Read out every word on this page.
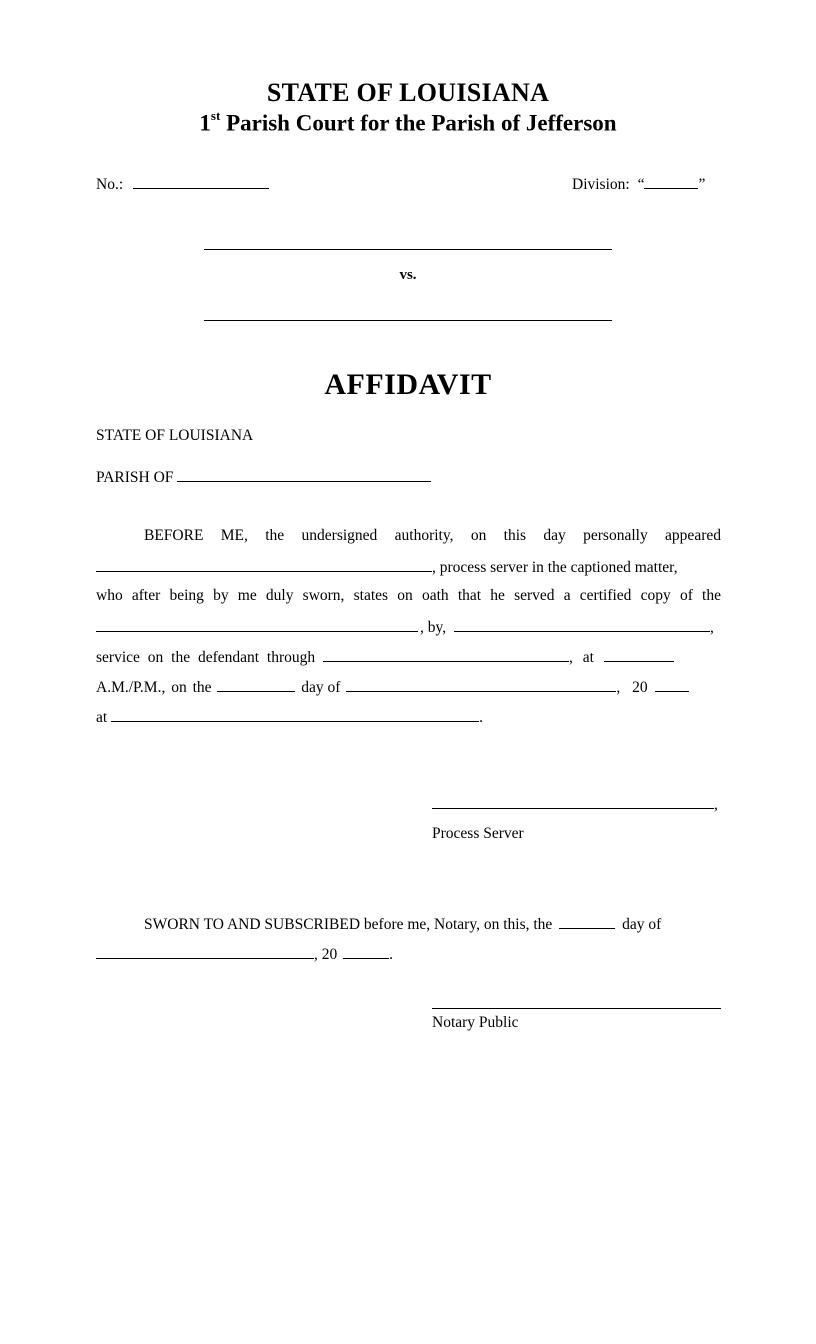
STATE OF LOUISIANA
1st Parish Court for the Parish of Jefferson
No.:	Division: “	”
vs.
AFFIDAVIT
STATE OF LOUISIANA
PARISH OF
BEFORE ME, the undersigned authority, on this day personally appeared
, process server in the captioned matter,
who after being by me duly sworn, states on oath that he served a certified copy of the
, by,	,
service on the defendant through	, at
A.M./P.M., on the	day of	, 20
at	.
,
Process Server
SWORN TO AND SUBSCRIBED before me, Notary, on this, the	day of
, 20	.
Notary Public
